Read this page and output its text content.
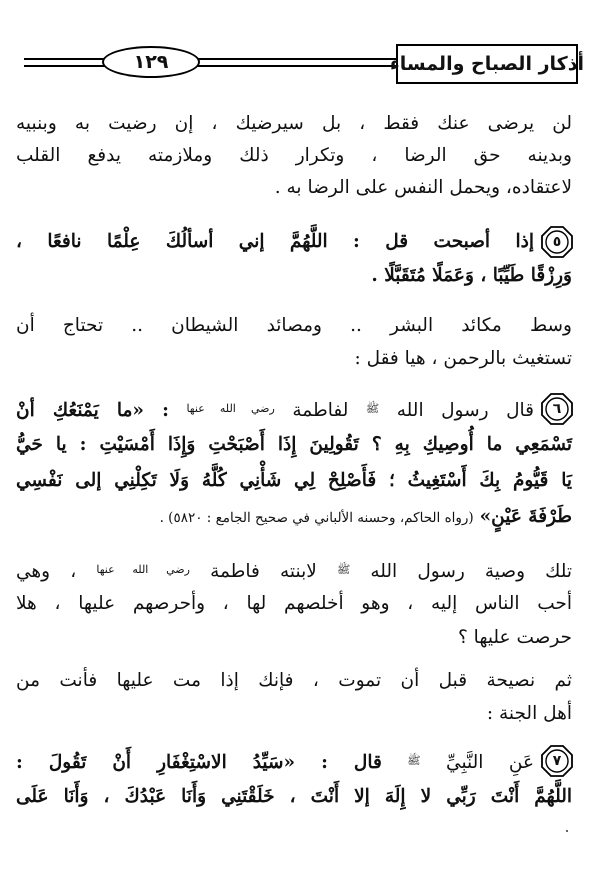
١٢٩	أذكار الصباح والمساء
لن يرضى عنك فقط ، بل سيرضيك ، إن رضيت به وبنبيه
وبدينه حق الرضا ، وتكرار ذلك وملازمته يدفع القلب
لاعتقاده، ويحمل النفس على الرضا به .
٥
إذا أصبحت قل : اللَّهُمَّ إني أسألُكَ عِلْمًا نافعًا ،
وَرِزْقًا طَيِّبًا ، وَعَمَلًا مُتَقَبَّلًا .
وسط مكائد البشر .. ومصائد الشيطان .. تحتاج أن
تستغيث بالرحمن ، هيا فقل :
٦
قال رسول الله $^ﷺ$ لفاطمة $^{رضي الله عنها}$ : «ما يَمْنَعُكِ أنْ
تَسْمَعِي ما أُوصِيكِ بِهِ ؟ تَقُولِينَ إِذَا أَصْبَحْتِ وَإِذَا أَمْسَيْتِ : يا حَيُّ
يَا قَيُّومُ بِكَ أَسْتَغِيثُ ؛ فَأَصْلِحْ لِي شَأْنِي كُلَّهُ وَلَا تَكِلْنِي إلى نَفْسِي
طَرْفَةَ عَيْنٍ» (رواه الحاكم، وحسنه الألباني في صحيح الجامع : ٥٨٢٠) .
تلك وصية رسول الله $^ﷺ$ لابنته فاطمة $^{رضي الله عنها}$ ، وهي
أحب الناس إليه ، وهو أخلصهم لها ، وأحرصهم عليها ، هلا
حرصت عليها ؟
ثم نصيحة قبل أن تموت ، فإنك إذا مت عليها فأنت من
أهل الجنة :
٧
عَنِ النَّبِيِّ $^ﷺ$ قال : «سَيِّدُ الاسْتِغْفَارِ أَنْ تَقُولَ :
اللَّهُمَّ أَنْتَ رَبِّي لا إِلَهَ إلا أَنْتَ ، خَلَقْتَنِي وَأَنَا عَبْدُكَ ، وَأَنَا عَلَى
